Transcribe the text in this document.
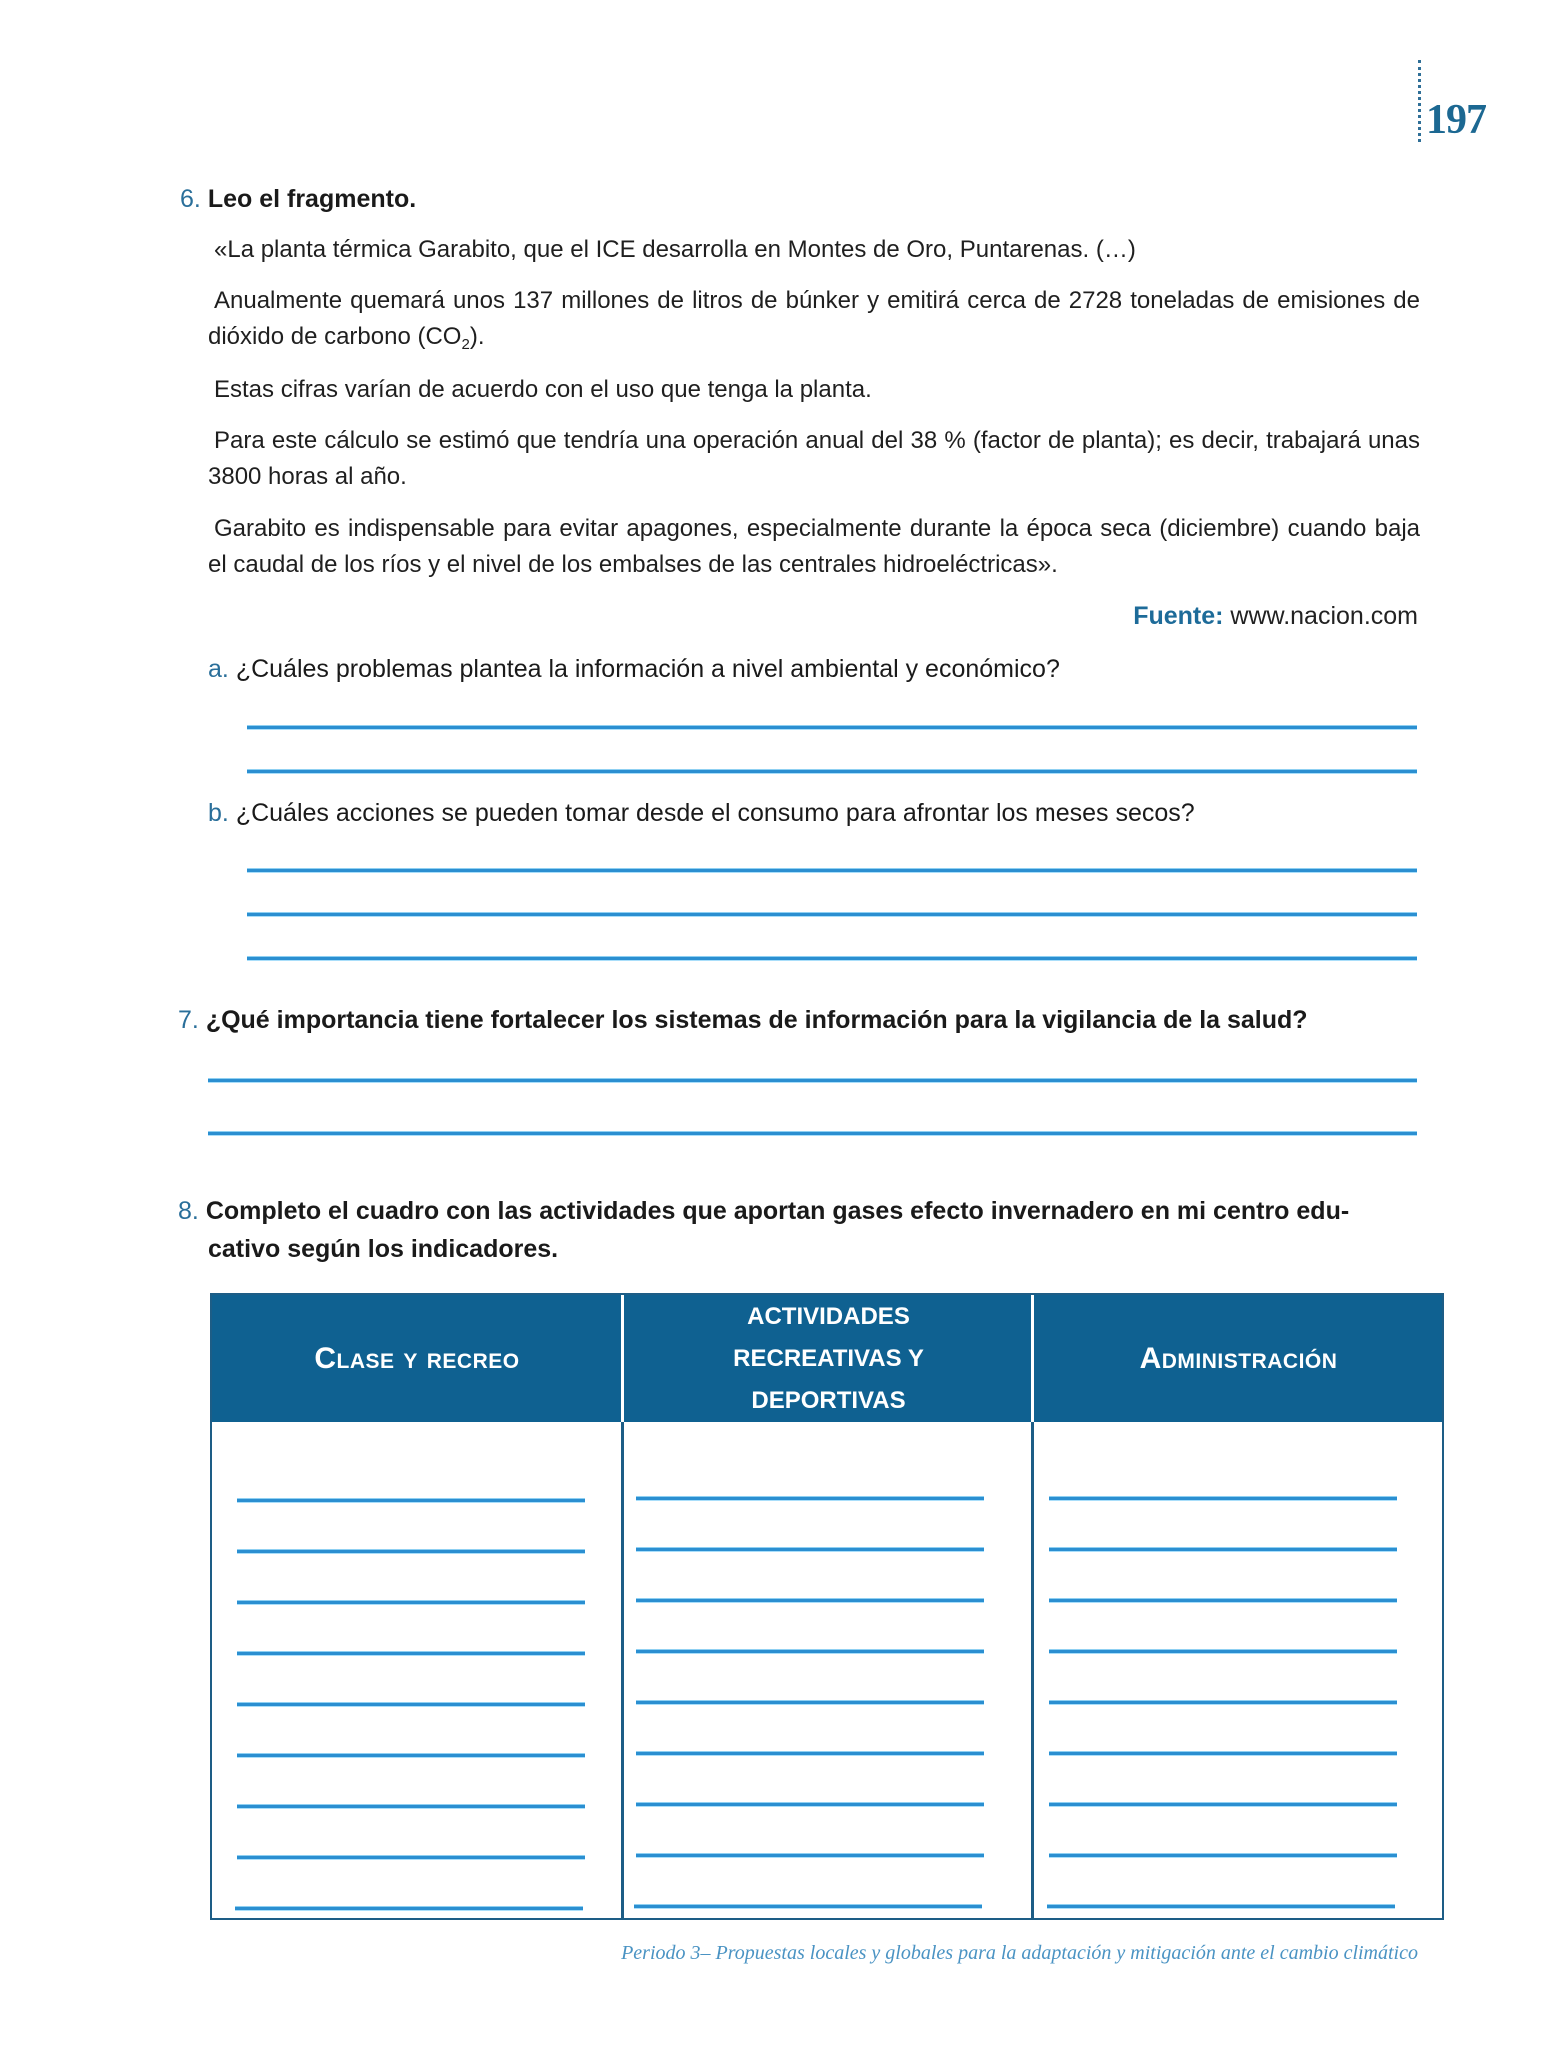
197
6. Leo el fragmento.
«La planta térmica Garabito, que el ICE desarrolla en Montes de Oro, Puntarenas. (…)
Anualmente quemará unos 137 millones de litros de búnker y emitirá cerca de 2728 toneladas de emisiones de dióxido de carbono $(CO_2)$.
Estas cifras varían de acuerdo con el uso que tenga la planta.
Para este cálculo se estimó que tendría una operación anual del 38 % (factor de planta); es decir, trabajará unas 3800 horas al año.
Garabito es indispensable para evitar apagones, especialmente durante la época seca (diciembre) cuando baja el caudal de los ríos y el nivel de los embalses de las centrales hidroeléctricas».
Fuente: www.nacion.com
a. ¿Cuáles problemas plantea la información a nivel ambiental y económico?
b. ¿Cuáles acciones se pueden tomar desde el consumo para afrontar los meses secos?
7. ¿Qué importancia tiene fortalecer los sistemas de información para la vigilancia de la salud?
8. Completo el cuadro con las actividades que aportan gases efecto invernadero en mi centro edu-
cativo según los indicadores.
Clase y recreo
ACTIVIDADES
RECREATIVAS Y
DEPORTIVAS
Administración
Periodo 3– Propuestas locales y globales para la adaptación y mitigación ante el cambio climático
